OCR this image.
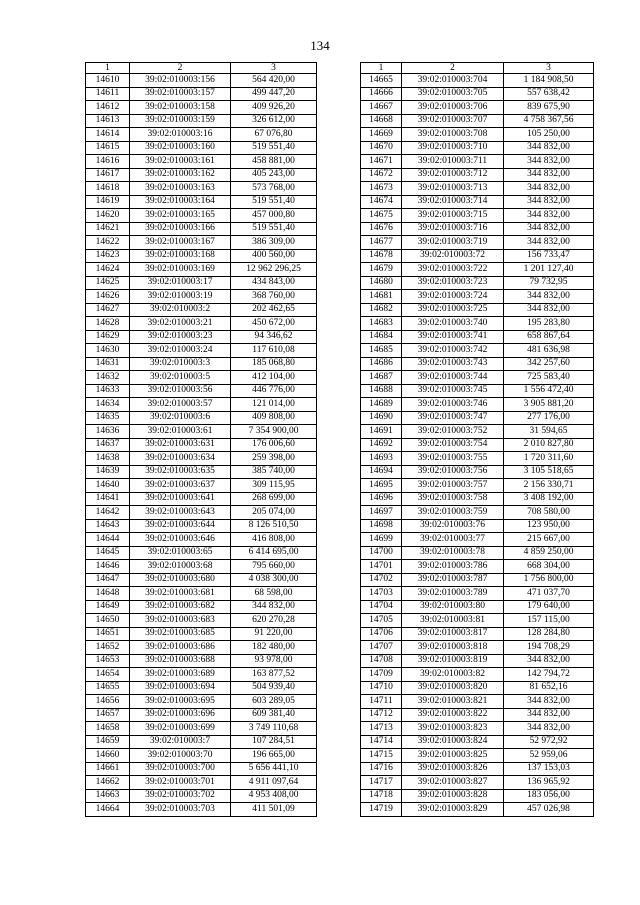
134
1	2	3
14610	39:02:010003:156	564 420,00
14611	39:02:010003:157	499 447,20
14612	39:02:010003:158	409 926,20
14613	39:02:010003:159	326 612,00
14614	39:02:010003:16	67 076,80
14615	39:02:010003:160	519 551,40
14616	39:02:010003:161	458 881,00
14617	39:02:010003:162	405 243,00
14618	39:02:010003:163	573 768,00
14619	39:02:010003:164	519 551,40
14620	39:02:010003:165	457 000,80
14621	39:02:010003:166	519 551,40
14622	39:02:010003:167	386 309,00
14623	39:02:010003:168	400 560,00
14624	39:02:010003:169	12 962 296,25
14625	39:02:010003:17	434 843,00
14626	39:02:010003:19	368 760,00
14627	39:02:010003:2	202 462,65
14628	39:02:010003:21	450 672,00
14629	39:02:010003:23	94 346,62
14630	39:02:010003:24	117 610,08
14631	39:02:010003:3	185 068,80
14632	39:02:010003:5	412 104,00
14633	39:02:010003:56	446 776,00
14634	39:02:010003:57	121 014,00
14635	39:02:010003:6	409 808,00
14636	39:02:010003:61	7 354 900,00
14637	39:02:010003:631	176 006,60
14638	39:02:010003:634	259 398,00
14639	39:02:010003:635	385 740,00
14640	39:02:010003:637	309 115,95
14641	39:02:010003:641	268 699,00
14642	39:02:010003:643	205 074,00
14643	39:02:010003:644	8 126 510,50
14644	39:02:010003:646	416 808,00
14645	39:02:010003:65	6 414 695,00
14646	39:02:010003:68	795 660,00
14647	39:02:010003:680	4 038 300,00
14648	39:02:010003:681	68 598,00
14649	39:02:010003:682	344 832,00
14650	39:02:010003:683	620 270,28
14651	39:02:010003:685	91 220,00
14652	39:02:010003:686	182 480,00
14653	39:02:010003:688	93 978,00
14654	39:02:010003:689	163 877,52
14655	39:02:010003:694	504 939,40
14656	39:02:010003:695	603 289,05
14657	39:02:010003:696	609 381,40
14658	39:02:010003:699	3 749 110,68
14659	39:02:010003:7	107 284,51
14660	39:02:010003:70	196 665,00
14661	39:02:010003:700	5 656 441,10
14662	39:02:010003:701	4 911 097,64
14663	39:02:010003:702	4 953 408,00
14664	39:02:010003:703	411 501,09
1	2	3
14665	39:02:010003:704	1 184 908,50
14666	39:02:010003:705	557 638,42
14667	39:02:010003:706	839 675,90
14668	39:02:010003:707	4 758 367,56
14669	39:02:010003:708	105 250,00
14670	39:02:010003:710	344 832,00
14671	39:02:010003:711	344 832,00
14672	39:02:010003:712	344 832,00
14673	39:02:010003:713	344 832,00
14674	39:02:010003:714	344 832,00
14675	39:02:010003:715	344 832,00
14676	39:02:010003:716	344 832,00
14677	39:02:010003:719	344 832,00
14678	39:02:010003:72	156 733,47
14679	39:02:010003:722	1 201 127,40
14680	39:02:010003:723	79 732,95
14681	39:02:010003:724	344 832,00
14682	39:02:010003:725	344 832,00
14683	39:02:010003:740	195 283,80
14684	39:02:010003:741	658 867,64
14685	39:02:010003:742	481 636,98
14686	39:02:010003:743	342 257,60
14687	39:02:010003:744	725 583,40
14688	39:02:010003:745	1 556 472,40
14689	39:02:010003:746	3 905 881,20
14690	39:02:010003:747	277 176,00
14691	39:02:010003:752	31 594,65
14692	39:02:010003:754	2 010 827,80
14693	39:02:010003:755	1 720 311,60
14694	39:02:010003:756	3 105 518,65
14695	39:02:010003:757	2 156 330,71
14696	39:02:010003:758	3 408 192,00
14697	39:02:010003:759	708 580,00
14698	39:02:010003:76	123 950,00
14699	39:02:010003:77	215 667,00
14700	39:02:010003:78	4 859 250,00
14701	39:02:010003:786	668 304,00
14702	39:02:010003:787	1 756 800,00
14703	39:02:010003:789	471 037,70
14704	39:02:010003:80	179 640,00
14705	39:02:010003:81	157 115,00
14706	39:02:010003:817	128 284,80
14707	39:02:010003:818	194 708,29
14708	39:02:010003:819	344 832,00
14709	39:02:010003:82	142 794,72
14710	39:02:010003:820	81 652,16
14711	39:02:010003:821	344 832,00
14712	39:02:010003:822	344 832,00
14713	39:02:010003:823	344 832,00
14714	39:02:010003:824	52 972,92
14715	39:02:010003:825	52 959,06
14716	39:02:010003:826	137 153,03
14717	39:02:010003:827	136 965,92
14718	39:02:010003:828	183 056,00
14719	39:02:010003:829	457 026,98
